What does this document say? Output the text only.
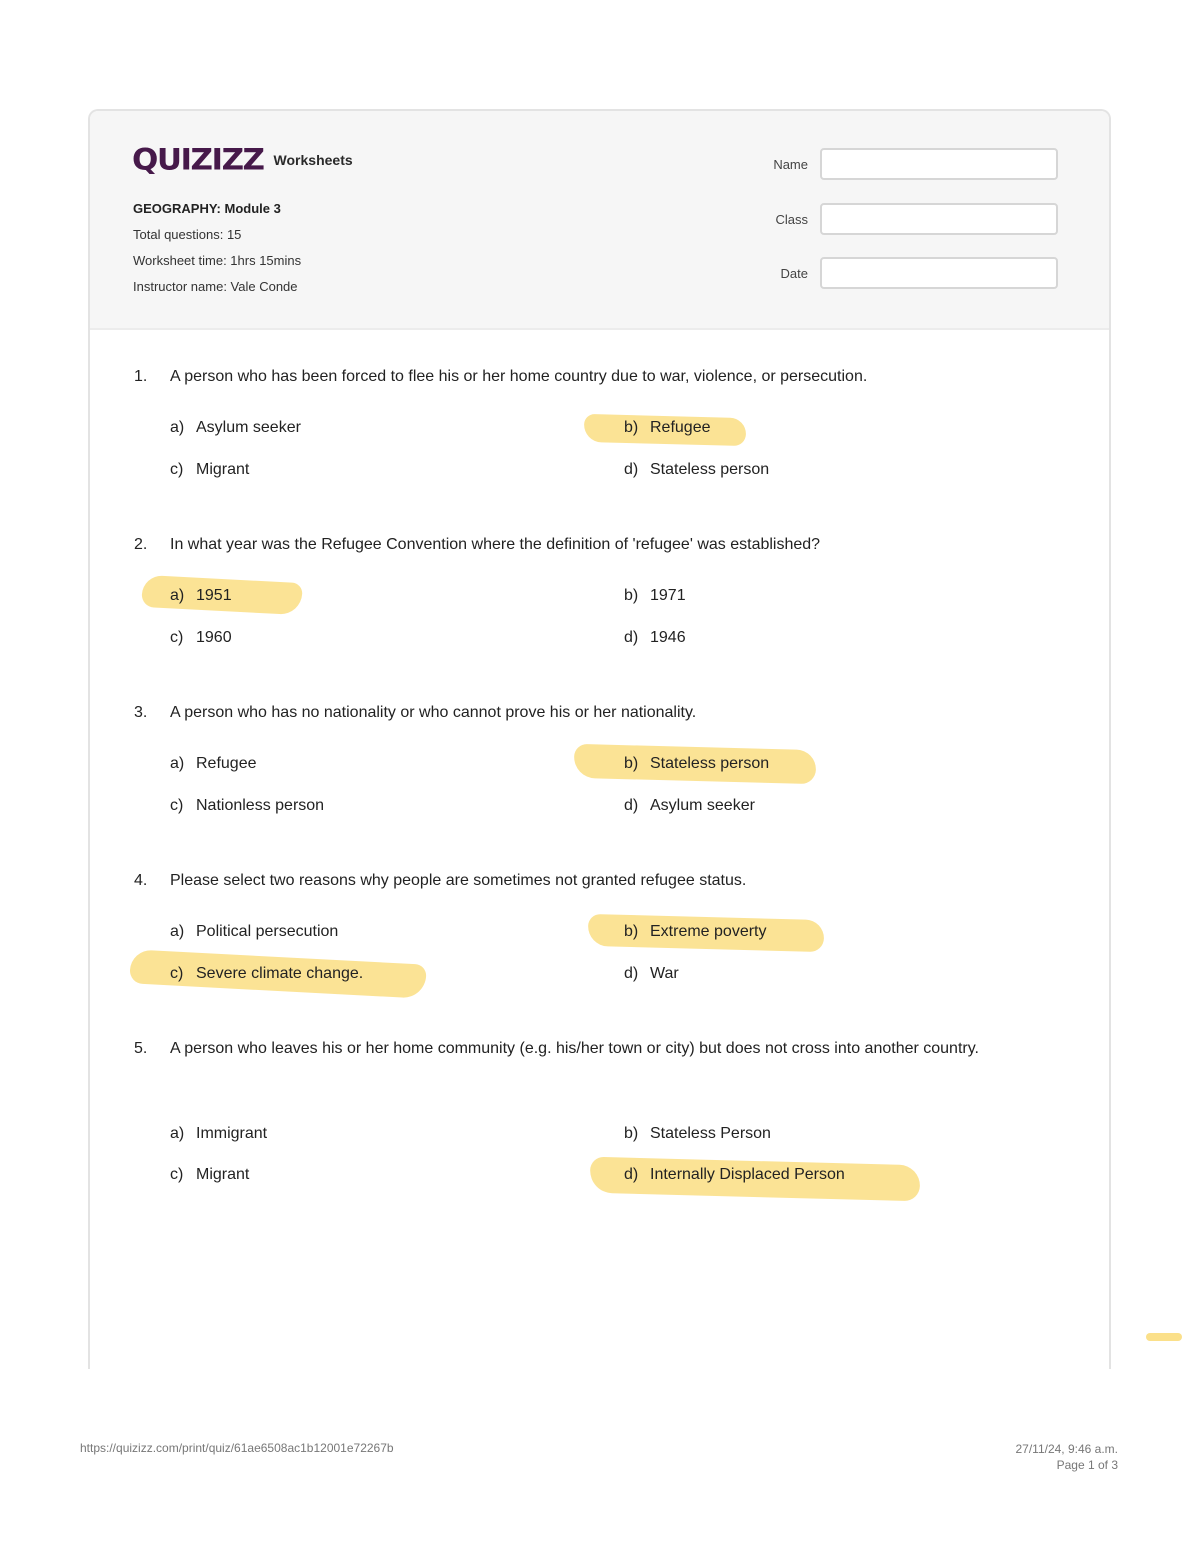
QUIZIZZ Worksheets
GEOGRAPHY: Module 3
Total questions: 15
Worksheet time: 1hrs 15mins
Instructor name: Vale Conde
Name
Class
Date
1.	A person who has been forced to flee his or her home country due to war, violence, or persecution.
a) Asylum seeker	b) Refugee
c) Migrant	d) Stateless person
2.	In what year was the Refugee Convention where the definition of 'refugee' was established?
a) 1951	b) 1971
c) 1960	d) 1946
3.	A person who has no nationality or who cannot prove his or her nationality.
a) Refugee	b) Stateless person
c) Nationless person	d) Asylum seeker
4.	Please select two reasons why people are sometimes not granted refugee status.
a) Political persecution	b) Extreme poverty
c) Severe climate change.	d) War
5.	A person who leaves his or her home community (e.g. his/her town or city) but does not cross into another country.
a) Immigrant	b) Stateless Person
c) Migrant	d) Internally Displaced Person
https://quizizz.com/print/quiz/61ae6508ac1b12001e72267b	27/11/24, 9:46 a.m.
Page 1 of 3
